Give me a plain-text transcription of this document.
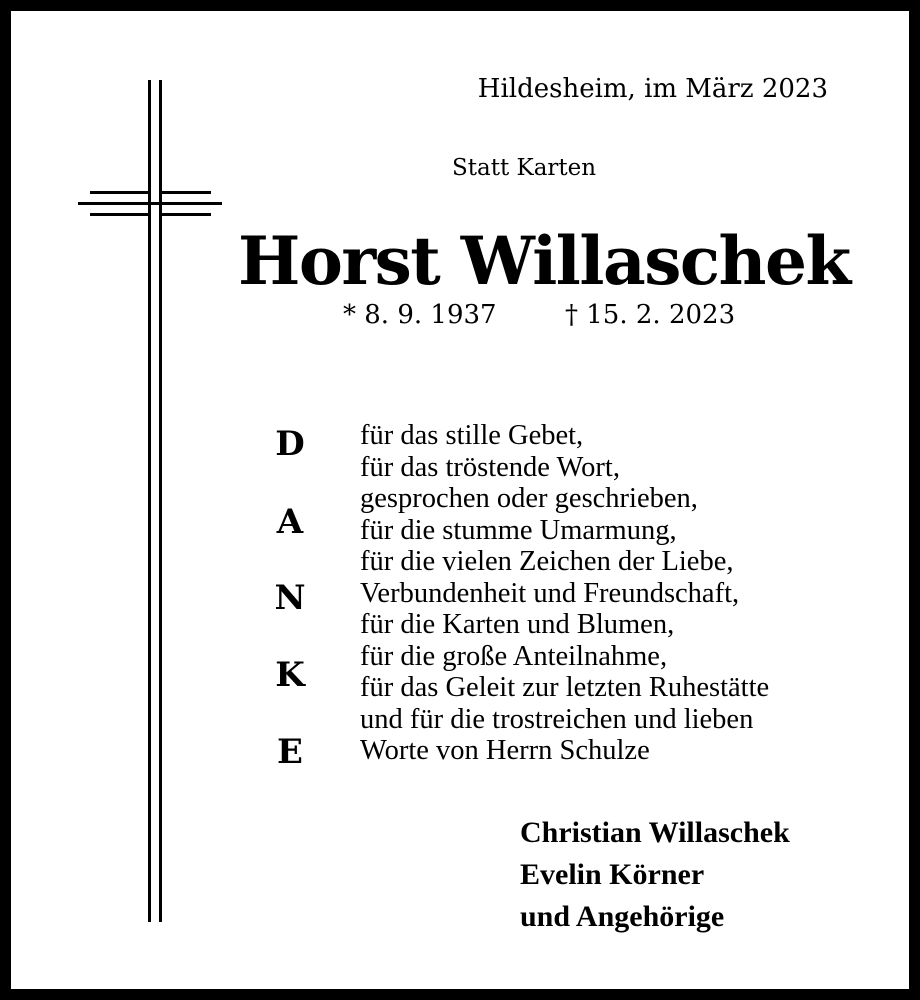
Hildesheim, im März 2023
Statt Karten
Horst Willaschek
* 8. 9. 1937	† 15. 2. 2023
D
A
N
K
E
für das stille Gebet,
für das tröstende Wort,
gesprochen oder geschrieben,
für die stumme Umarmung,
für die vielen Zeichen der Liebe,
Verbundenheit und Freundschaft,
für die Karten und Blumen,
für die große Anteilnahme,
für das Geleit zur letzten Ruhestätte
und für die trostreichen und lieben
Worte von Herrn Schulze
Christian Willaschek
Evelin Körner
und Angehörige
